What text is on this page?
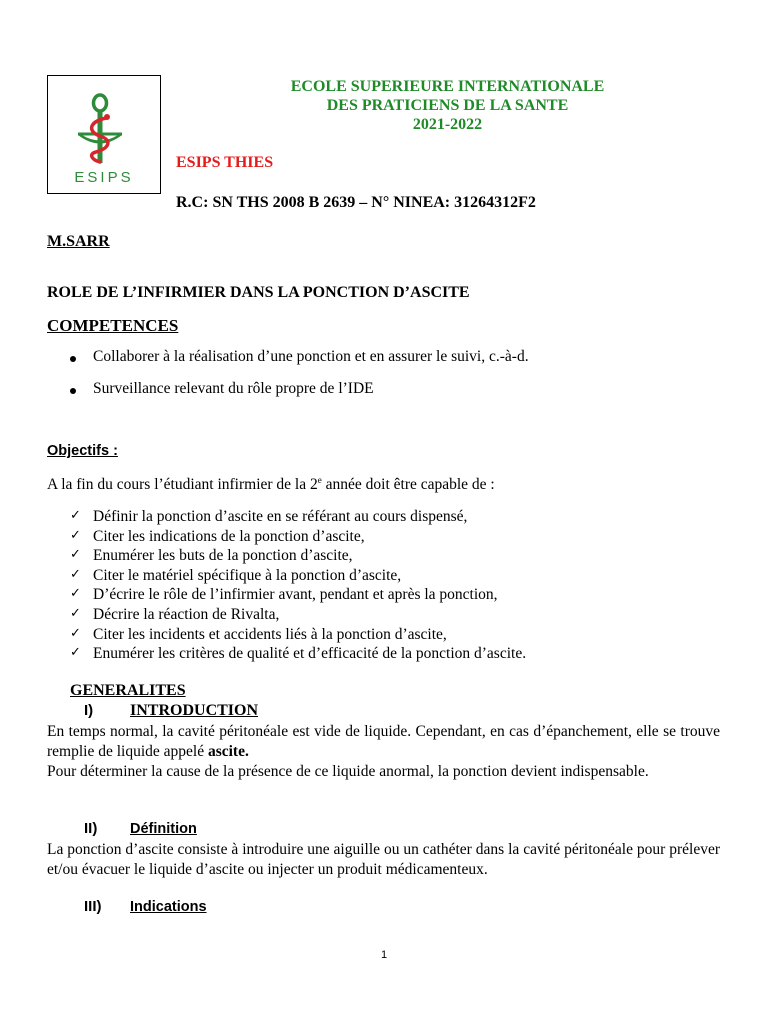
ESIPS
ECOLE SUPERIEURE INTERNATIONALE
DES PRATICIENS DE LA SANTE
2021-2022
ESIPS THIES
R.C: SN THS 2008 B 2639 – N° NINEA: 31264312F2
M.SARR
ROLE DE L’INFIRMIER DANS LA PONCTION D’ASCITE
COMPETENCES
Collaborer à la réalisation d’une ponction et en assurer le suivi, c.-à-d.
Surveillance relevant du rôle propre de l’IDE
Objectifs :
A la fin du cours l’étudiant infirmier de la 2e année doit être capable de :
✓ Définir la ponction d’ascite en se référant au cours dispensé,
✓ Citer les indications de la ponction d’ascite,
✓ Enumérer les buts de la ponction d’ascite,
✓ Citer le matériel spécifique à la ponction d’ascite,
✓ D’écrire le rôle de l’infirmier avant, pendant et après la ponction,
✓ Décrire la réaction de Rivalta,
✓ Citer les incidents et accidents liés à la ponction d’ascite,
✓ Enumérer les critères de qualité et d’efficacité de la ponction d’ascite.
GENERALITES
I) INTRODUCTION
En temps normal, la cavité péritonéale est vide de liquide. Cependant, en cas d’épanchement, elle se trouve remplie de liquide appelé ascite.
Pour déterminer la cause de la présence de ce liquide anormal, la ponction devient indispensable.
II) Définition
La ponction d’ascite consiste à introduire une aiguille ou un cathéter dans la cavité péritonéale pour prélever et/ou évacuer le liquide d’ascite ou injecter un produit médicamenteux.
III) Indications
1
